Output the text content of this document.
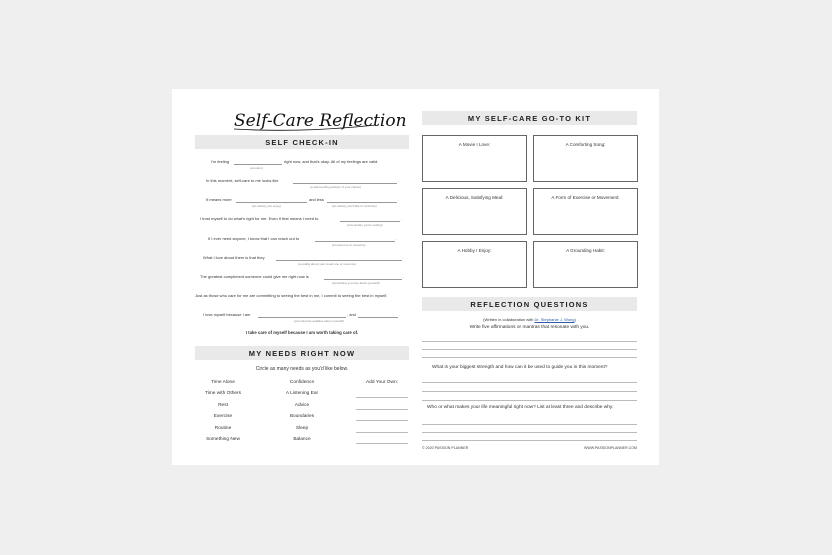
Self-Care Reflection
SELF CHECK-IN
I'm feeling	right now, and that's okay. All of my feelings are valid.
(emotion)
In this moment, self-care to me looks like	.
(a self-soothing activity of your choice)
It means more	and less	.
(an activity you enjoy)	(an activity you'd like to minimize)
I trust myself to do what's right for me. Even if that means I need to	.
(a boundary you're setting)
If I ever need anyone, I know that I can reach out to	.
(a loved one or resource)
What I love about them is that they	.
(a quality about your loved one or resource)
The greatest compliment someone could give me right now is	.
(something you love about yourself)
Just as those who care for me are committing to seeing the best in me, I commit to seeing the best in myself.
I love myself because I am	, and	.
(your favorite qualities about yourself)
I take care of myself because I am worth taking care of.
MY NEEDS RIGHT NOW
Circle as many needs as you'd like below.
Time Alone
Time with Others
Rest
Exercise
Routine
Something New
Confidence
A Listening Ear
Advice
Boundaries
Sleep
Balance
Add Your Own:
MY SELF-CARE GO-TO KIT
A Movie I Love:	A Comforting Song:
A Delicious, Satisfying Meal:	A Form of Exercise or Movement:
A Hobby I Enjoy:	A Grounding Habit:
REFLECTION QUESTIONS
(Written in collaboration with Dr. Stephanie J. Wong)
Write five affirmations or mantras that resonate with you.
What is your biggest strength and how can it be used to guide you in this moment?
Who or what makes your life meaningful right now? List at least three and describe why.
© 2020 PASSION PLANNER	WWW.PASSIONPLANNER.COM
